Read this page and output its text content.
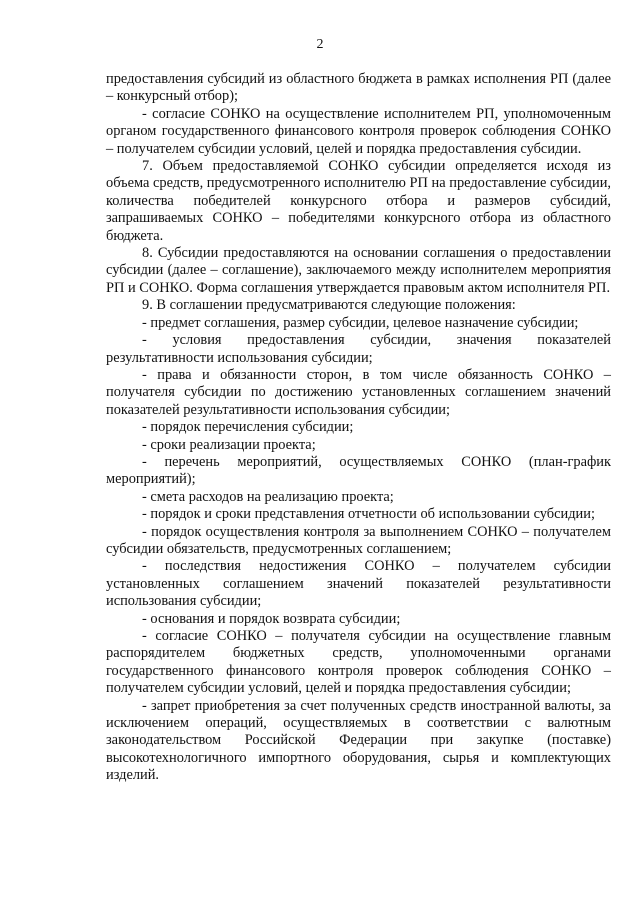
2

предоставления субсидий из областного бюджета в рамках исполнения РП (далее – конкурсный отбор);

- согласие СОНКО на осуществление исполнителем РП, уполномоченным органом государственного финансового контроля проверок соблюдения СОНКО – получателем субсидии условий, целей и порядка предоставления субсидии.

7. Объем предоставляемой СОНКО субсидии определяется исходя из объема средств, предусмотренного исполнителю РП на предоставление субсидии, количества победителей конкурсного отбора и размеров субсидий, запрашиваемых СОНКО – победителями конкурсного отбора из областного бюджета.

8. Субсидии предоставляются на основании соглашения о предоставлении субсидии (далее – соглашение), заключаемого между исполнителем мероприятия РП и СОНКО. Форма соглашения утверждается правовым актом исполнителя РП.

9. В соглашении предусматриваются следующие положения:

- предмет соглашения, размер субсидии, целевое назначение субсидии;

- условия предоставления субсидии, значения показателей результативности использования субсидии;

- права и обязанности сторон, в том числе обязанность СОНКО – получателя субсидии по достижению установленных соглашением значений показателей результативности использования субсидии;

- порядок перечисления субсидии;

- сроки реализации проекта;

- перечень мероприятий, осуществляемых СОНКО (план-график мероприятий);

- смета расходов на реализацию проекта;

- порядок и сроки представления отчетности об использовании субсидии;

- порядок осуществления контроля за выполнением СОНКО – получателем субсидии обязательств, предусмотренных соглашением;

- последствия недостижения СОНКО – получателем субсидии установленных соглашением значений показателей результативности использования субсидии;

- основания и порядок возврата субсидии;

- согласие СОНКО – получателя субсидии на осуществление главным распорядителем бюджетных средств, уполномоченными органами государственного финансового контроля проверок соблюдения СОНКО – получателем субсидии условий, целей и порядка предоставления субсидии;

- запрет приобретения за счет полученных средств иностранной валюты, за исключением операций, осуществляемых в соответствии с валютным законодательством Российской Федерации при закупке (поставке) высокотехнологичного импортного оборудования, сырья и комплектующих изделий.
